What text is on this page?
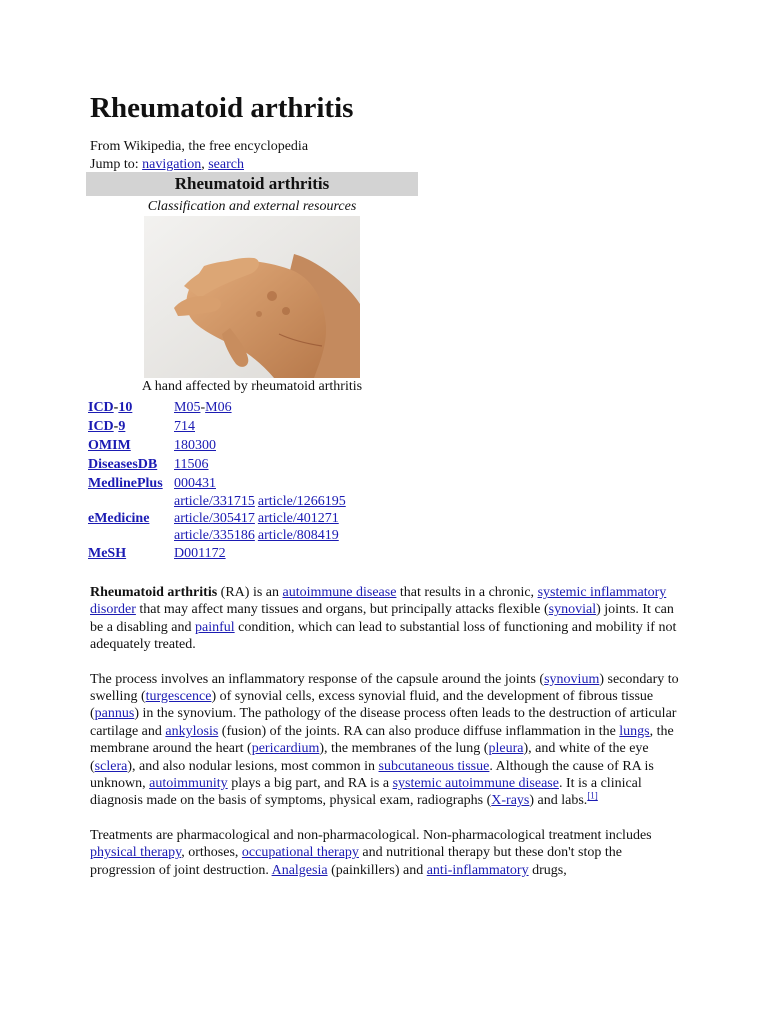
Rheumatoid arthritis
From Wikipedia, the free encyclopedia
Jump to: navigation, search
Rheumatoid arthritis
Classification and external resources
A hand affected by rheumatoid arthritis
ICD-10	M05-M06
ICD-9	714
OMIM	180300
DiseasesDB	11506
MedlinePlus	000431
eMedicine	article/331715 article/1266195
article/305417 article/401271
article/335186 article/808419

MeSH	D001172

Rheumatoid arthritis (RA) is an autoimmune disease that results in a chronic, systemic inflammatory disorder that may affect many tissues and organs, but principally attacks flexible (synovial) joints. It can be a disabling and painful condition, which can lead to substantial loss of functioning and mobility if not adequately treated.

The process involves an inflammatory response of the capsule around the joints (synovium) secondary to swelling (turgescence) of synovial cells, excess synovial fluid, and the development of fibrous tissue (pannus) in the synovium. The pathology of the disease process often leads to the destruction of articular cartilage and ankylosis (fusion) of the joints. RA can also produce diffuse inflammation in the lungs, the membrane around the heart (pericardium), the membranes of the lung (pleura), and white of the eye (sclera), and also nodular lesions, most common in subcutaneous tissue. Although the cause of RA is unknown, autoimmunity plays a big part, and RA is a systemic autoimmune disease. It is a clinical diagnosis made on the basis of symptoms, physical exam, radiographs (X-rays) and labs.[1]

Treatments are pharmacological and non-pharmacological. Non-pharmacological treatment includes physical therapy, orthoses, occupational therapy and nutritional therapy but these don't stop the progression of joint destruction. Analgesia (painkillers) and anti-inflammatory drugs,
